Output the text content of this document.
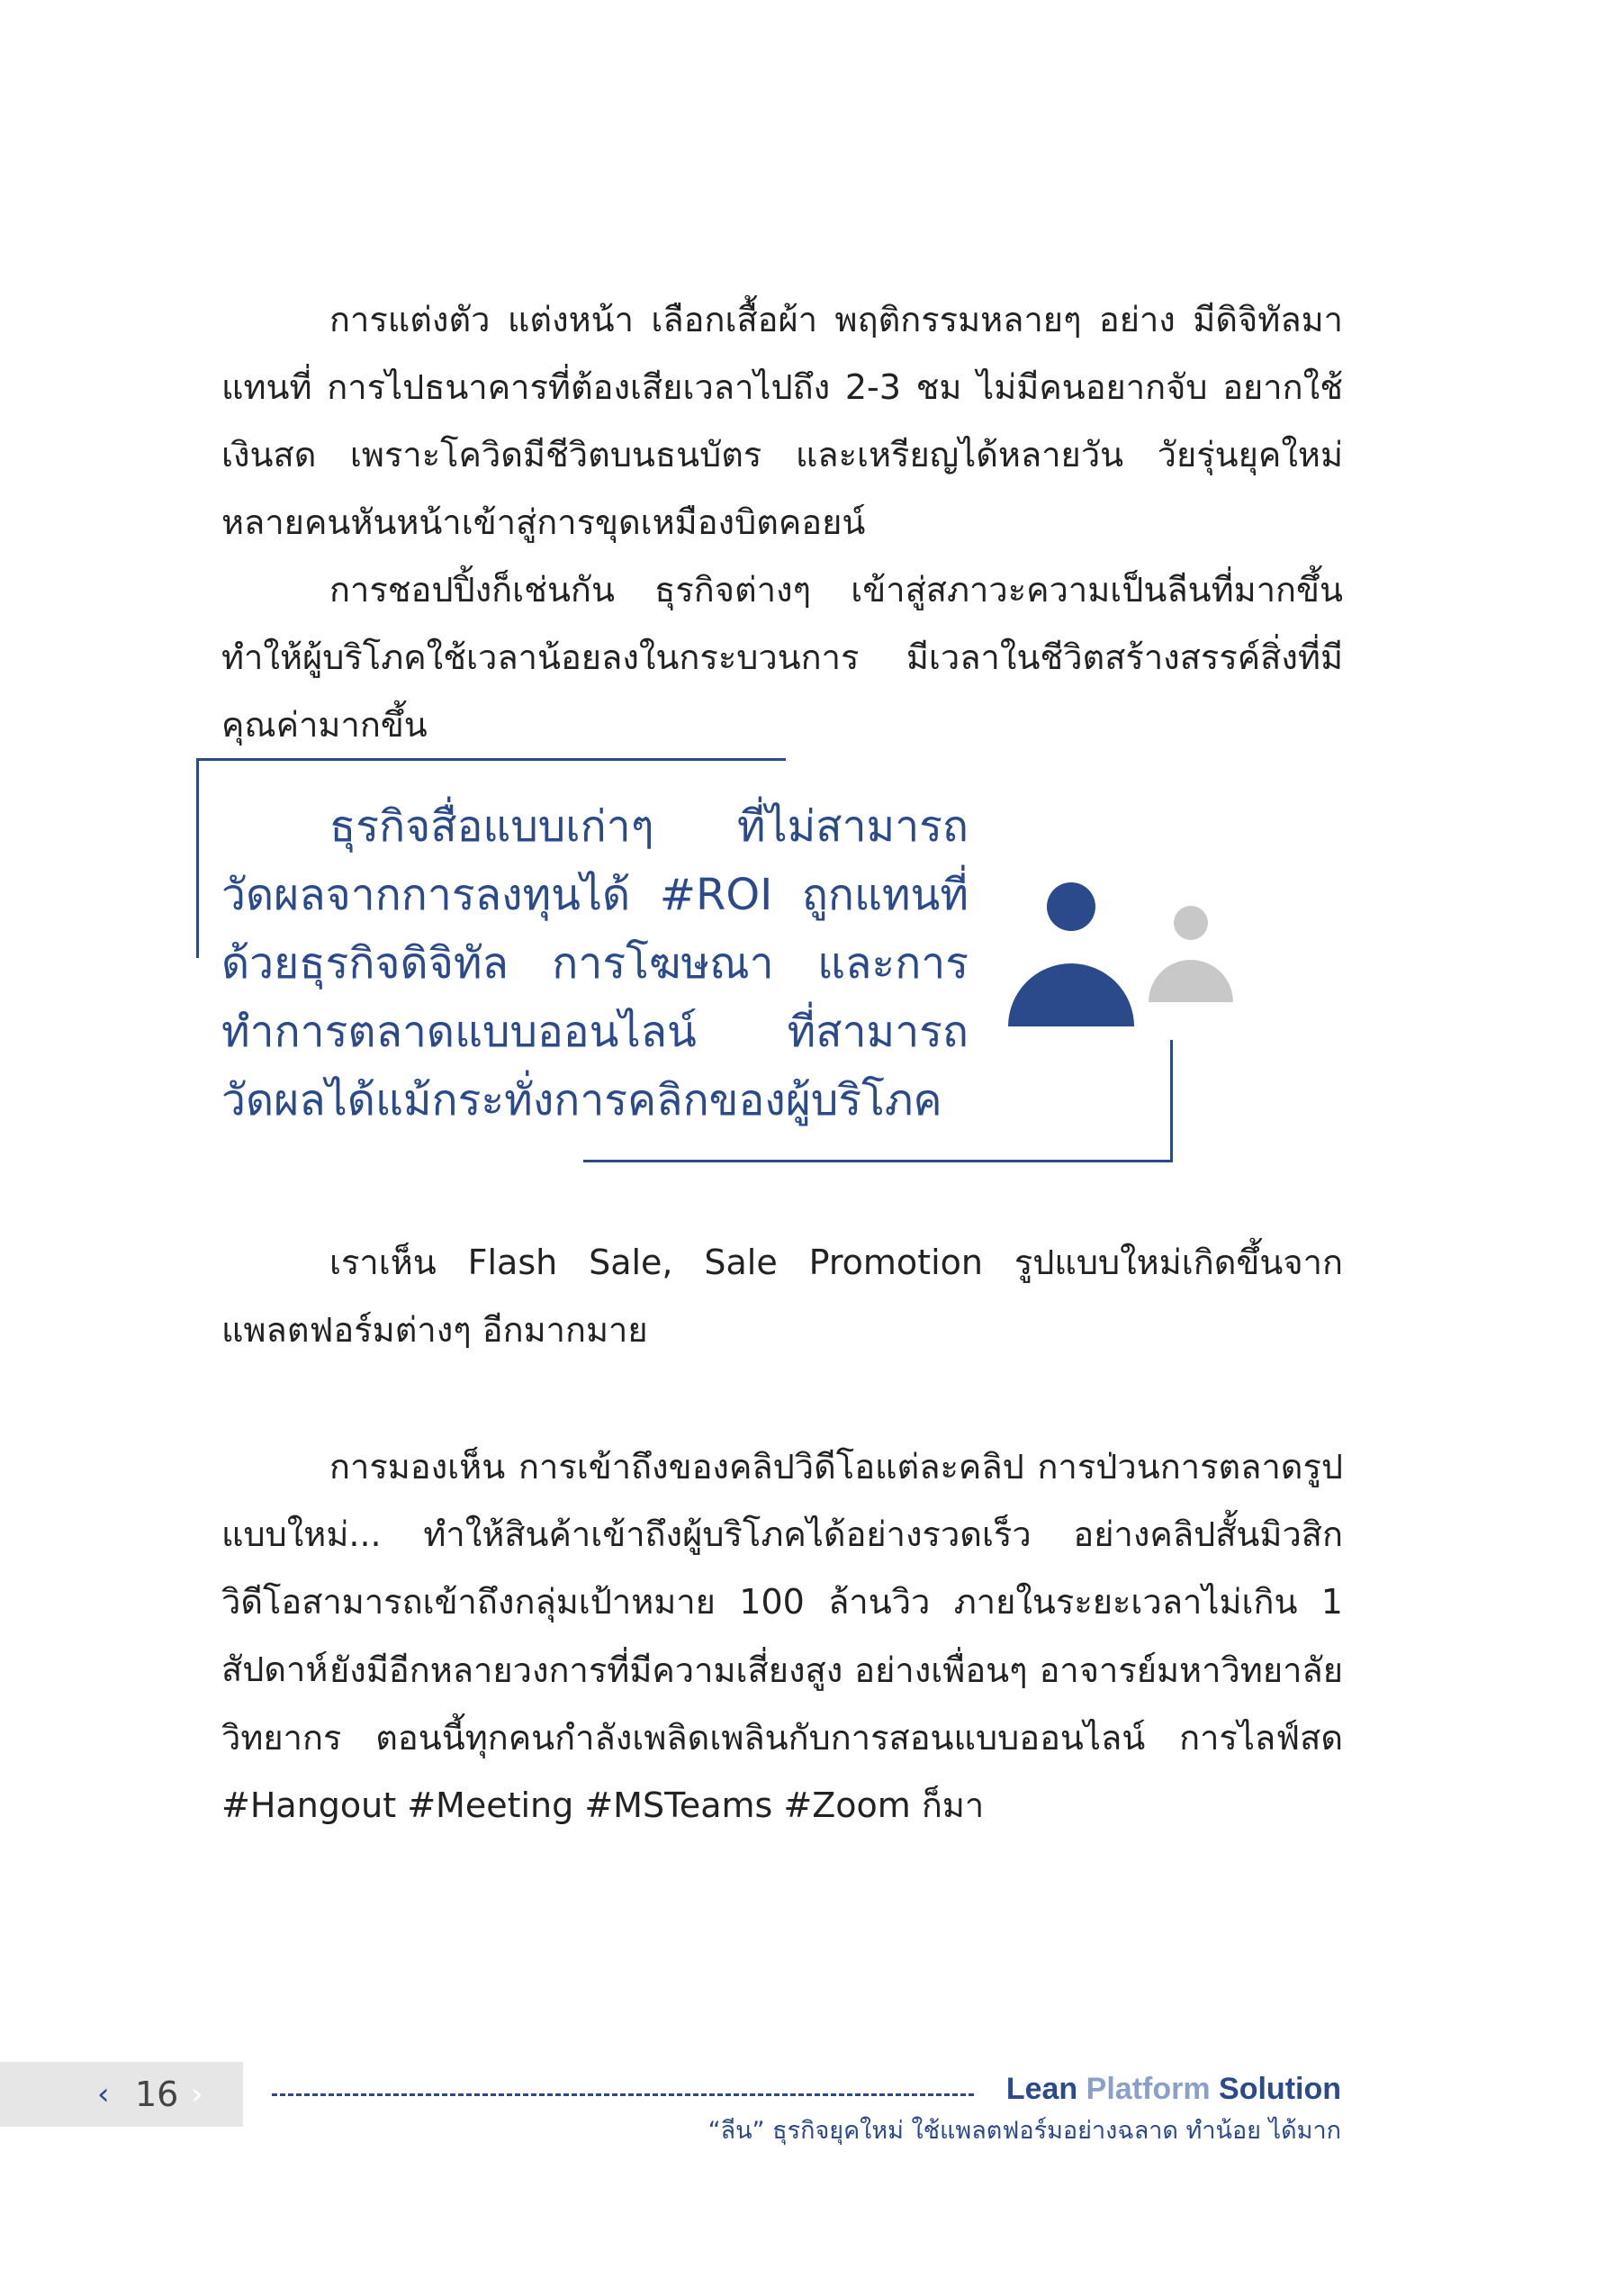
การแต่งตัว แต่งหน้า เลือกเสื้อผ้า พฤติกรรมหลายๆ อย่าง มีดิจิทัลมาแทนที่ การไปธนาคารที่ต้องเสียเวลาไปถึง 2-3 ชม ไม่มีคนอยากจับ อยากใช้เงินสด เพราะโควิดมีชีวิตบนธนบัตร และเหรียญได้หลายวัน วัยรุ่นยุคใหม่หลายคนหันหน้าเข้าสู่การขุดเหมืองบิตคอยน์

การชอปปิ้งก็เช่นกัน ธุรกิจต่างๆ เข้าสู่สภาวะความเป็นลีนที่มากขึ้น ทำให้ผู้บริโภคใช้เวลาน้อยลงในกระบวนการ มีเวลาในชีวิตสร้างสรรค์สิ่งที่มีคุณค่ามากขึ้น

ธุรกิจสื่อแบบเก่าๆ ที่ไม่สามารถวัดผลจากการลงทุนได้ #ROI ถูกแทนที่ด้วยธุรกิจดิจิทัล การโฆษณา และการทำการตลาดแบบออนไลน์ ที่สามารถวัดผลได้แม้กระทั่งการคลิกของผู้บริโภค

เราเห็น Flash Sale, Sale Promotion รูปแบบใหม่เกิดขึ้นจากแพลตฟอร์มต่างๆ อีกมากมาย

การมองเห็น การเข้าถึงของคลิปวิดีโอแต่ละคลิป การป่วนการตลาดรูปแบบใหม่... ทำให้สินค้าเข้าถึงผู้บริโภคได้อย่างรวดเร็ว อย่างคลิปสั้นมิวสิกวิดีโอสามารถเข้าถึงกลุ่มเป้าหมาย 100 ล้านวิว ภายในระยะเวลาไม่เกิน 1 สัปดาห์ ยังมีอีกหลายวงการที่มีความเสี่ยงสูง อย่างเพื่อนๆ อาจารย์มหาวิทยาลัย วิทยากร ตอนนี้ทุกคนกำลังเพลิดเพลินกับการสอนแบบออนไลน์ การไลฟ์สด #Hangout #Meeting #MSTeams #Zoom ก็มา

‹ 16 ›	Lean Platform Solution
“ลีน” ธุรกิจยุคใหม่ ใช้แพลตฟอร์มอย่างฉลาด ทำน้อย ได้มาก
